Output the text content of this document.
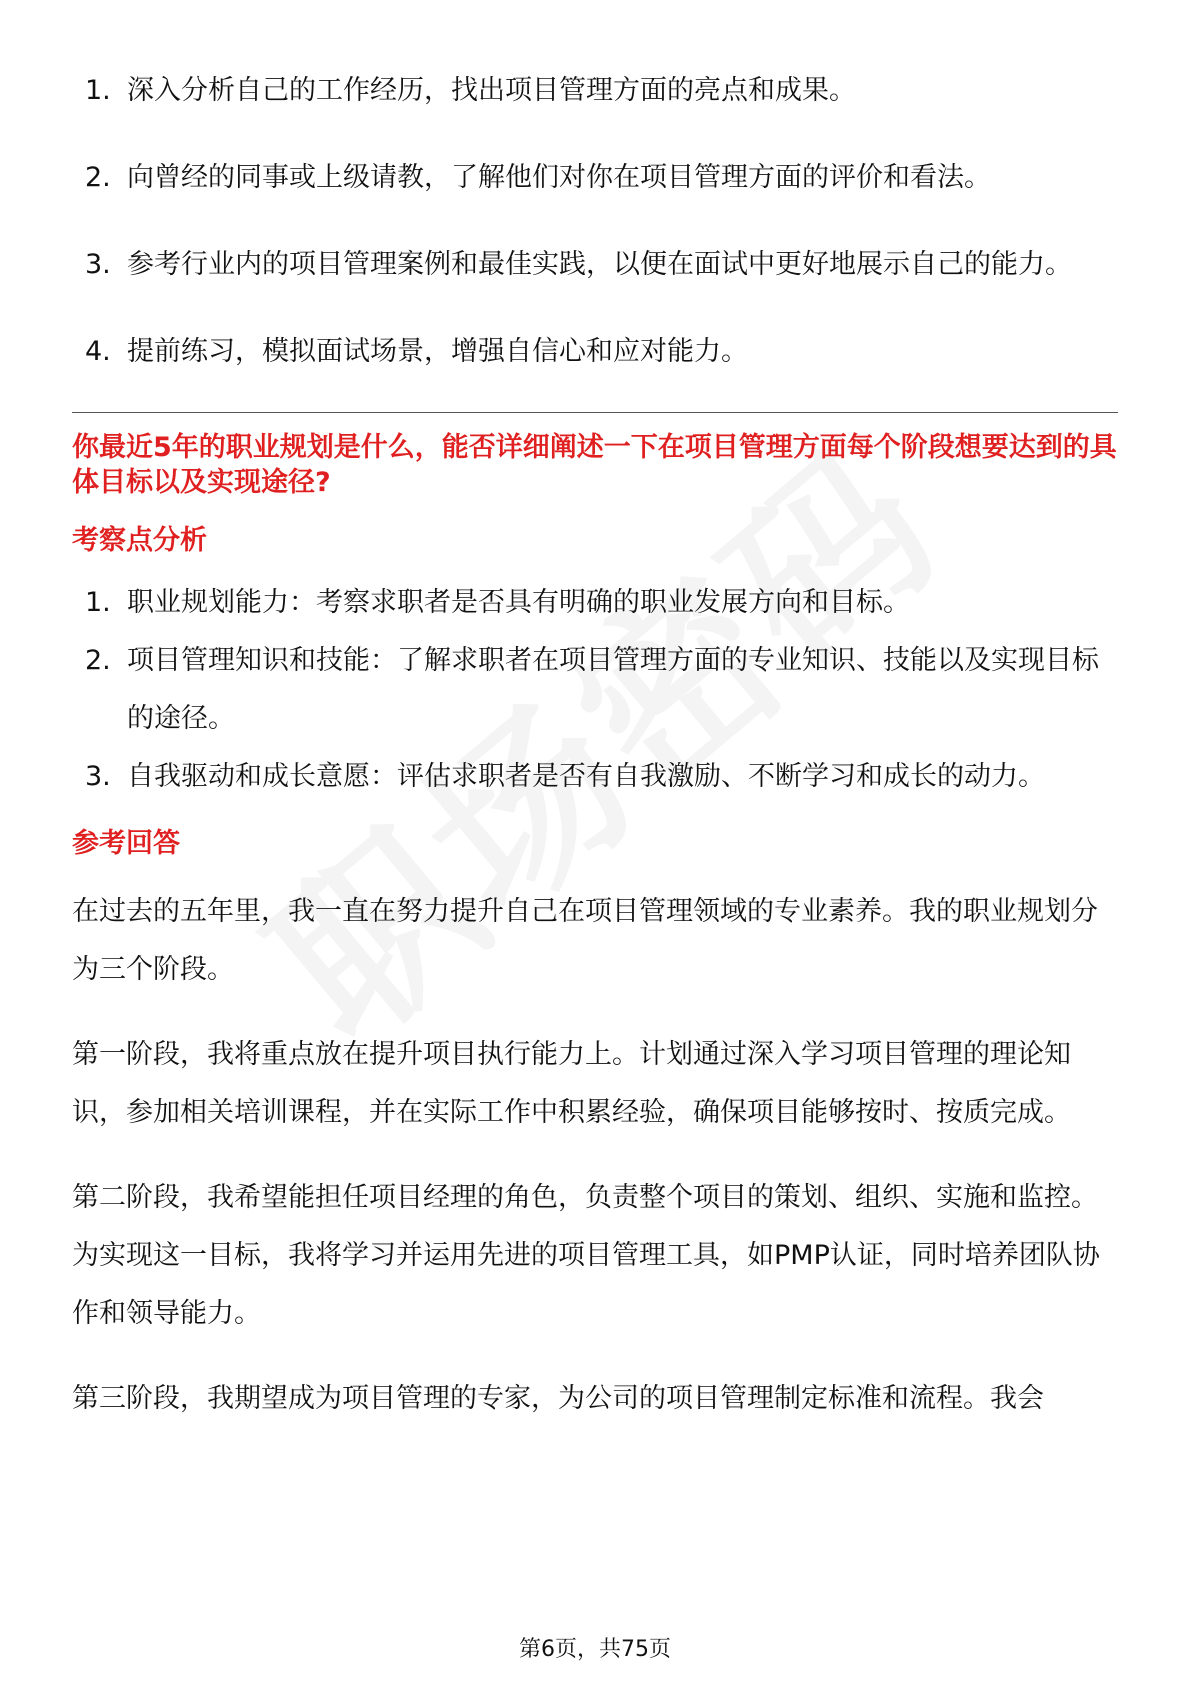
1. 深入分析自己的工作经历，找出项目管理方面的亮点和成果。
2. 向曾经的同事或上级请教，了解他们对你在项目管理方面的评价和看法。
3. 参考行业内的项目管理案例和最佳实践，以便在面试中更好地展示自己的能力。
4. 提前练习，模拟面试场景，增强自信心和应对能力。

你最近5年的职业规划是什么，能否详细阐述一下在项目管理方面每个阶段想要达到的具体目标以及实现途径?

考察点分析
1. 职业规划能力：考察求职者是否具有明确的职业发展方向和目标。
2. 项目管理知识和技能：了解求职者在项目管理方面的专业知识、技能以及实现目标的途径。
3. 自我驱动和成长意愿：评估求职者是否有自我激励、不断学习和成长的动力。
参考回答

在过去的五年里，我一直在努力提升自己在项目管理领域的专业素养。我的职业规划分为三个阶段。

第一阶段，我将重点放在提升项目执行能力上。计划通过深入学习项目管理的理论知识，参加相关培训课程，并在实际工作中积累经验，确保项目能够按时、按质完成。

第二阶段，我希望能担任项目经理的角色，负责整个项目的策划、组织、实施和监控。为实现这一目标，我将学习并运用先进的项目管理工具，如PMP认证，同时培养团队协作和领导能力。

第三阶段，我期望成为项目管理的专家，为公司的项目管理制定标准和流程。我会

第6页，共75页
